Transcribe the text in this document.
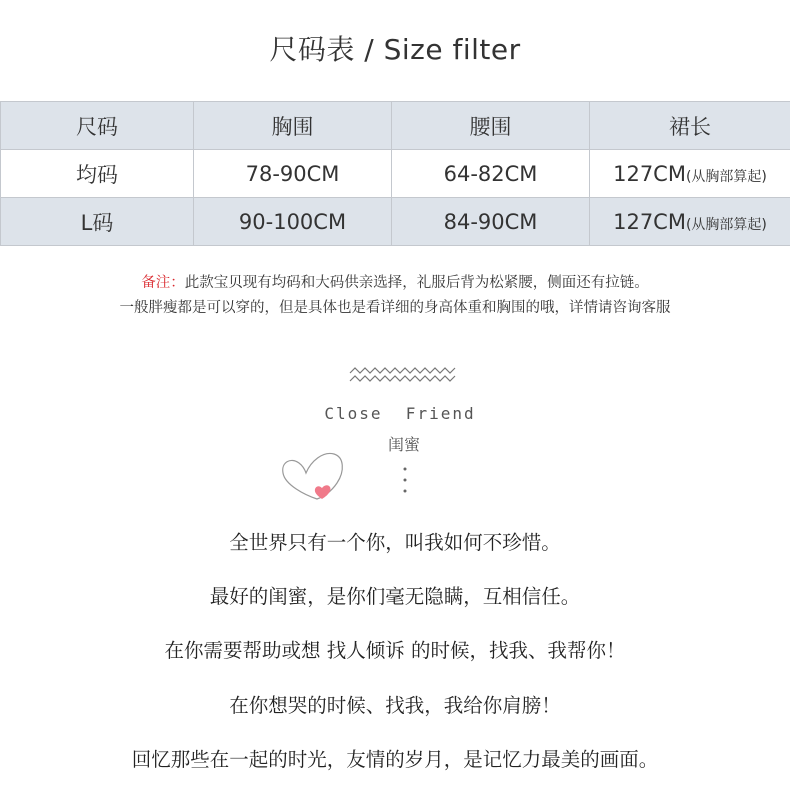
尺码表 / Size filter
尺码	胸围	腰围	裙长
均码	78-90CM	64-82CM	127CM(从胸部算起)
L码	90-100CM	84-90CM	127CM(从胸部算起)
备注：此款宝贝现有均码和大码供亲选择，礼服后背为松紧腰，侧面还有拉链。
一般胖瘦都是可以穿的，但是具体也是看详细的身高体重和胸围的哦，详情请咨询客服
Close  Friend
闺蜜
全世界只有一个你，叫我如何不珍惜。
最好的闺蜜，是你们毫无隐瞒，互相信任。
在你需要帮助或想 找人倾诉 的时候，找我、我帮你！
在你想哭的时候、找我，我给你肩膀！
回忆那些在一起的时光，友情的岁月，是记忆力最美的画面。
